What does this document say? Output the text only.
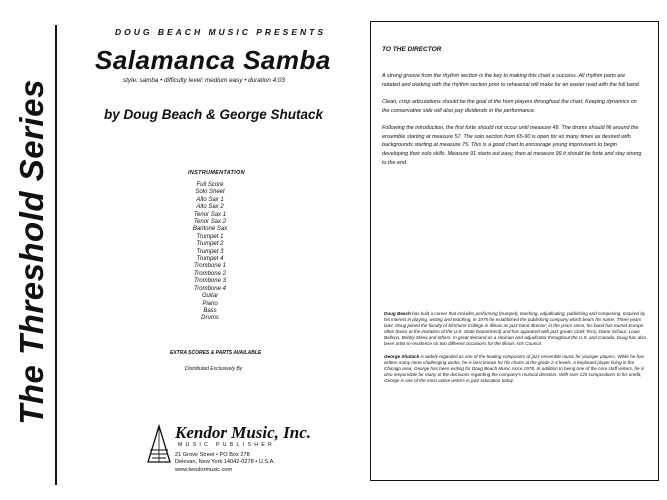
The Threshold Series
DOUG BEACH MUSIC PRESENTS
Salamanca Samba
style: samba • difficulty level: medium easy • duration 4:03
by Doug Beach & George Shutack
INSTRUMENTATION
Full Score
Solo Sheet
Alto Sax 1
Alto Sax 2
Tenor Sax 1
Tenor Sax 2
Baritone Sax
Trumpet 1
Trumpet 2
Trumpet 3
Trumpet 4
Trombone 1
Trombone 2
Trombone 3
Trombone 4
Guitar
Piano
Bass
Drums
EXTRA SCORES & PARTS AVAILABLE
Distributed Exclusively By
Kendor Music, Inc.
MUSIC PUBLISHER
21 Grove Street • PO Box 278
Delevan, New York 14042-0278 • U.S.A.
www.kendormusic.com
TO THE DIRECTOR

A strong groove from the rhythm section is the key to making this chart a success. All rhythm parts are notated and working with the rhythm section prior to rehearsal will make for an easier read with the full band.

Clean, crisp articulations should be the goal of the horn players throughout the chart. Keeping dynamics on the conservative side will also pay dividends in the performance.

Following the introduction, the first forte should not occur until measure 49. The drums should fill around the ensemble starting at measure 57. The solo section from 65-90 is open for as many times as desired with backgrounds starting at measure 75. This is a good chart to encourage young improvisers to begin developing their solo skills. Measure 91 starts out easy, then at measure 99 it should be forte and stay strong to the end.

Doug Beach has built a career that includes performing (trumpet), teaching, adjudicating, publishing and composing. Inspired by his interest in playing, writing and teaching, in 1975 he established the publishing company which bears his name. Three years later, Doug joined the faculty of Elmhurst College in Illinois as jazz band director; in the years since, his band has toured Europe often (twice at the invitation of the U.S. State Department) and has appeared with jazz greats Clark Terry, Diane Schuur, Louie Bellson, Bobby Shew and others. In great demand as a clinician and adjudicator throughout the U.S. and Canada, Doug has also been artist-in-residence on two different occasions for the Illinois Arts Council.

George Shutack is widely regarded as one of the leading composers of jazz ensemble music for younger players. While he has written many more challenging works, he is best known for his charts at the grade 2-4 levels. A keyboard player living in the Chicago area, George has been writing for Doug Beach Music since 1978. In addition to being one of the core staff writers, he is also responsible for many of the decisions regarding the company's musical direction. With over 125 compositions to his credit, George is one of the most active writers in jazz education today.
